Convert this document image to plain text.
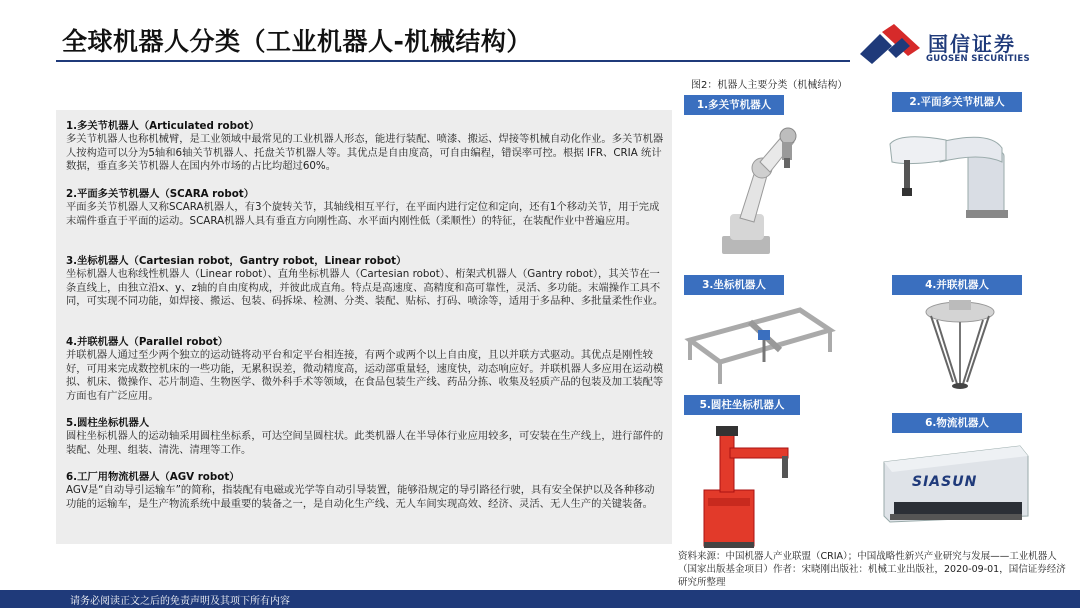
全球机器人分类（工业机器人-机械结构）	国信证券
GUOSEN SECURITIES
1.多关节机器人（Articulated robot）
多关节机器人也称机械臂，是工业领域中最常见的工业机器人形态，能进行装配、喷漆、搬运、焊接等机械自动化作业。多关节机器人按构造可以分为5轴和6轴关节机器人、托盘关节机器人等。其优点是自由度高，可自由编程，错误率可控。根据 IFR、CRIA 统计数据，垂直多关节机器人在国内外市场的占比均超过60%。
2.平面多关节机器人（SCARA robot）
平面多关节机器人又称SCARA机器人，有3个旋转关节，其轴线相互平行，在平面内进行定位和定向，还有1个移动关节，用于完成末端件垂直于平面的运动。SCARA机器人具有垂直方向刚性高、水平面内刚性低（柔顺性）的特征，在装配作业中普遍应用。
3.坐标机器人（Cartesian robot，Gantry robot，Linear robot）
坐标机器人也称线性机器人（Linear robot）、直角坐标机器人（Cartesian robot）、桁架式机器人（Gantry robot），其关节在一条直线上，由独立沿x、y、z轴的自由度构成，并彼此成直角。特点是高速度、高精度和高可靠性，灵活、多功能。末端操作工具不同，可实现不同功能，如焊接、搬运、包装、码拆垛、检测、分类、装配、贴标、打码、喷涂等，适用于多品种、多批量柔性作业。
4.并联机器人（Parallel robot）
并联机器人通过至少两个独立的运动链将动平台和定平台相连接，有两个或两个以上自由度，且以并联方式驱动。其优点是刚性较好，可用来完成数控机床的一些功能，无累积误差，微动精度高，运动部重量轻，速度快，动态响应好。并联机器人多应用在运动模拟、机床、微操作、芯片制造、生物医学、微外科手术等领域，在食品包装生产线、药品分拣、收集及轻质产品的包装及加工装配等方面也有广泛应用。
5.圆柱坐标机器人
圆柱坐标机器人的运动轴采用圆柱坐标系，可达空间呈圆柱状。此类机器人在半导体行业应用较多，可安装在生产线上，进行部件的装配、处理、组装、清洗、清理等工作。
6.工厂用物流机器人（AGV robot）
AGV是“自动导引运输车”的简称，指装配有电磁或光学等自动引导装置，能够沿规定的导引路径行驶，具有安全保护以及各种移动功能的运输车，是生产物流系统中最重要的装备之一，是自动化生产线、无人车间实现高效、经济、灵活、无人生产的关键装备。
图2：机器人主要分类（机械结构）
1.多关节机器人	2.平面多关节机器人
3.坐标机器人	4.并联机器人
5.圆柱坐标机器人
6.物流机器人
SIASUN
资料来源：中国机器人产业联盟（CRIA）；中国战略性新兴产业研究与发展——工业机器人（国家出版基金项目）作者：宋晓刚出版社：机械工业出版社，2020-09-01，国信证券经济研究所整理
请务必阅读正文之后的免责声明及其项下所有内容
